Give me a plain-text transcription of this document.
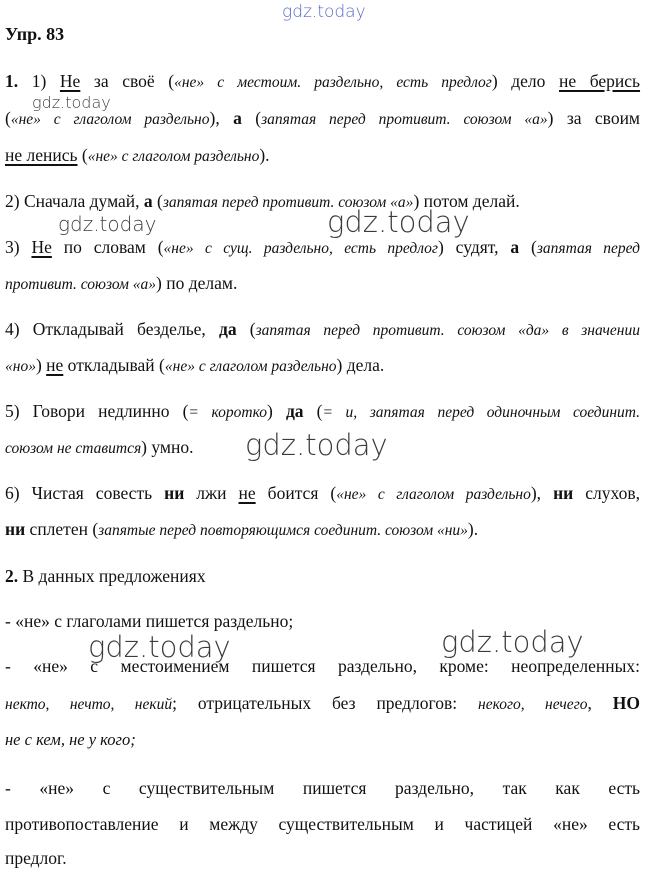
gdz.today
gdz.today
gdz.today	gdz.today
gdz.today
gdz.today	gdz.today
Упр. 83
1. 1) Не за своё («не» с местоим. раздельно, есть предлог) дело не берись
(«не» с глаголом раздельно), а (запятая перед противит. союзом «а») за своим
не ленись («не» с глаголом раздельно).
2) Сначала думай, а (запятая перед противит. союзом «а») потом делай.
3) Не по словам («не» с сущ. раздельно, есть предлог) судят, а (запятая перед
противит. союзом «а») по делам.
4) Откладывай безделье, да (запятая перед противит. союзом «да» в значении
«но») не откладывай («не» с глаголом раздельно) дела.
5) Говори недлинно (= коротко) да (= и, запятая перед одиночным соединит.
союзом не ставится) умно.
6) Чистая совесть ни лжи не боится («не» с глаголом раздельно), ни слухов,
ни сплетен (запятые перед повторяющимся соединит. союзом «ни»).
2. В данных предложениях
- «не» с глаголами пишется раздельно;
- «не» с местоимением пишется раздельно, кроме: неопределенных:
некто, нечто, некий; отрицательных без предлогов: некого, нечего, НО
не с кем, не у кого;
- «не» с существительным пишется раздельно, так как есть
противопоставление и между существительным и частицей «не» есть
предлог.
